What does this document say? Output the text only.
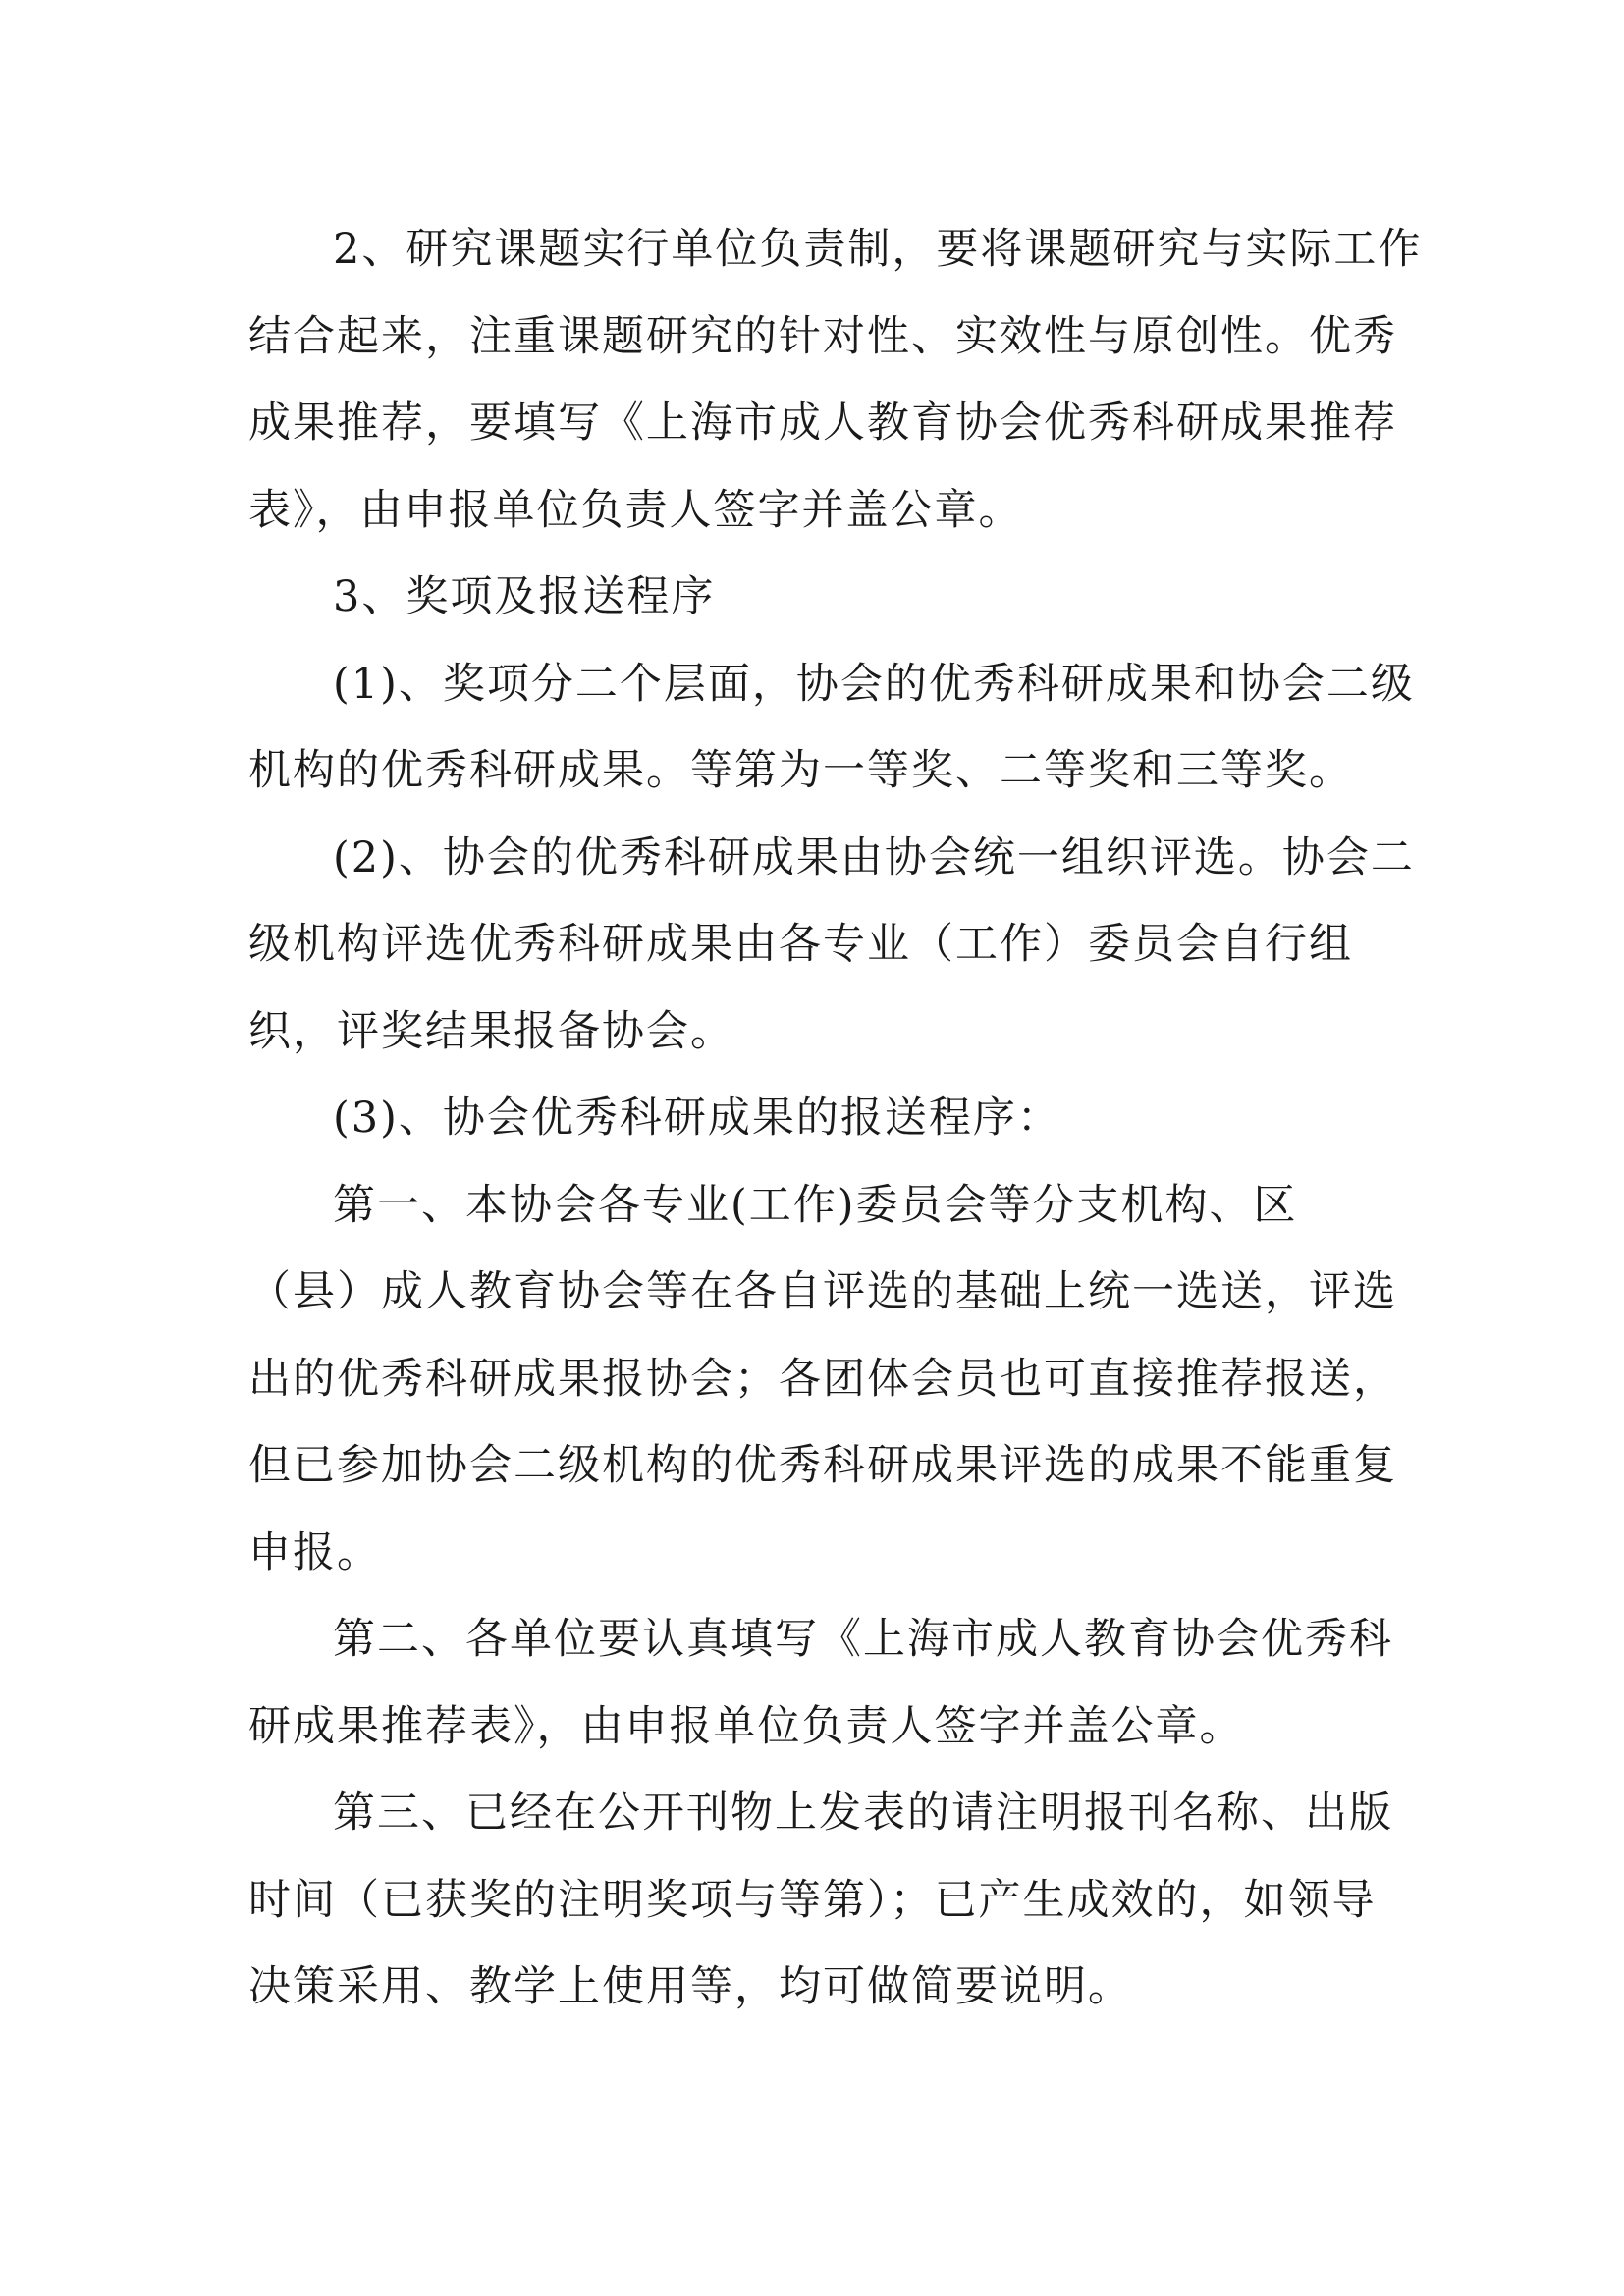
2、研究课题实行单位负责制，要将课题研究与实际工作
结合起来，注重课题研究的针对性、实效性与原创性。优秀
成果推荐，要填写《上海市成人教育协会优秀科研成果推荐
表》，由申报单位负责人签字并盖公章。

3、奖项及报送程序

(1)、奖项分二个层面，协会的优秀科研成果和协会二级
机构的优秀科研成果。等第为一等奖、二等奖和三等奖。

(2)、协会的优秀科研成果由协会统一组织评选。协会二
级机构评选优秀科研成果由各专业（工作）委员会自行组
织，评奖结果报备协会。

(3)、协会优秀科研成果的报送程序：

第一、本协会各专业(工作)委员会等分支机构、区
（县）成人教育协会等在各自评选的基础上统一选送，评选
出的优秀科研成果报协会；各团体会员也可直接推荐报送，
但已参加协会二级机构的优秀科研成果评选的成果不能重复
申报。

第二、各单位要认真填写《上海市成人教育协会优秀科
研成果推荐表》，由申报单位负责人签字并盖公章。

第三、已经在公开刊物上发表的请注明报刊名称、出版
时间（已获奖的注明奖项与等第）；已产生成效的，如领导
决策采用、教学上使用等，均可做简要说明。
